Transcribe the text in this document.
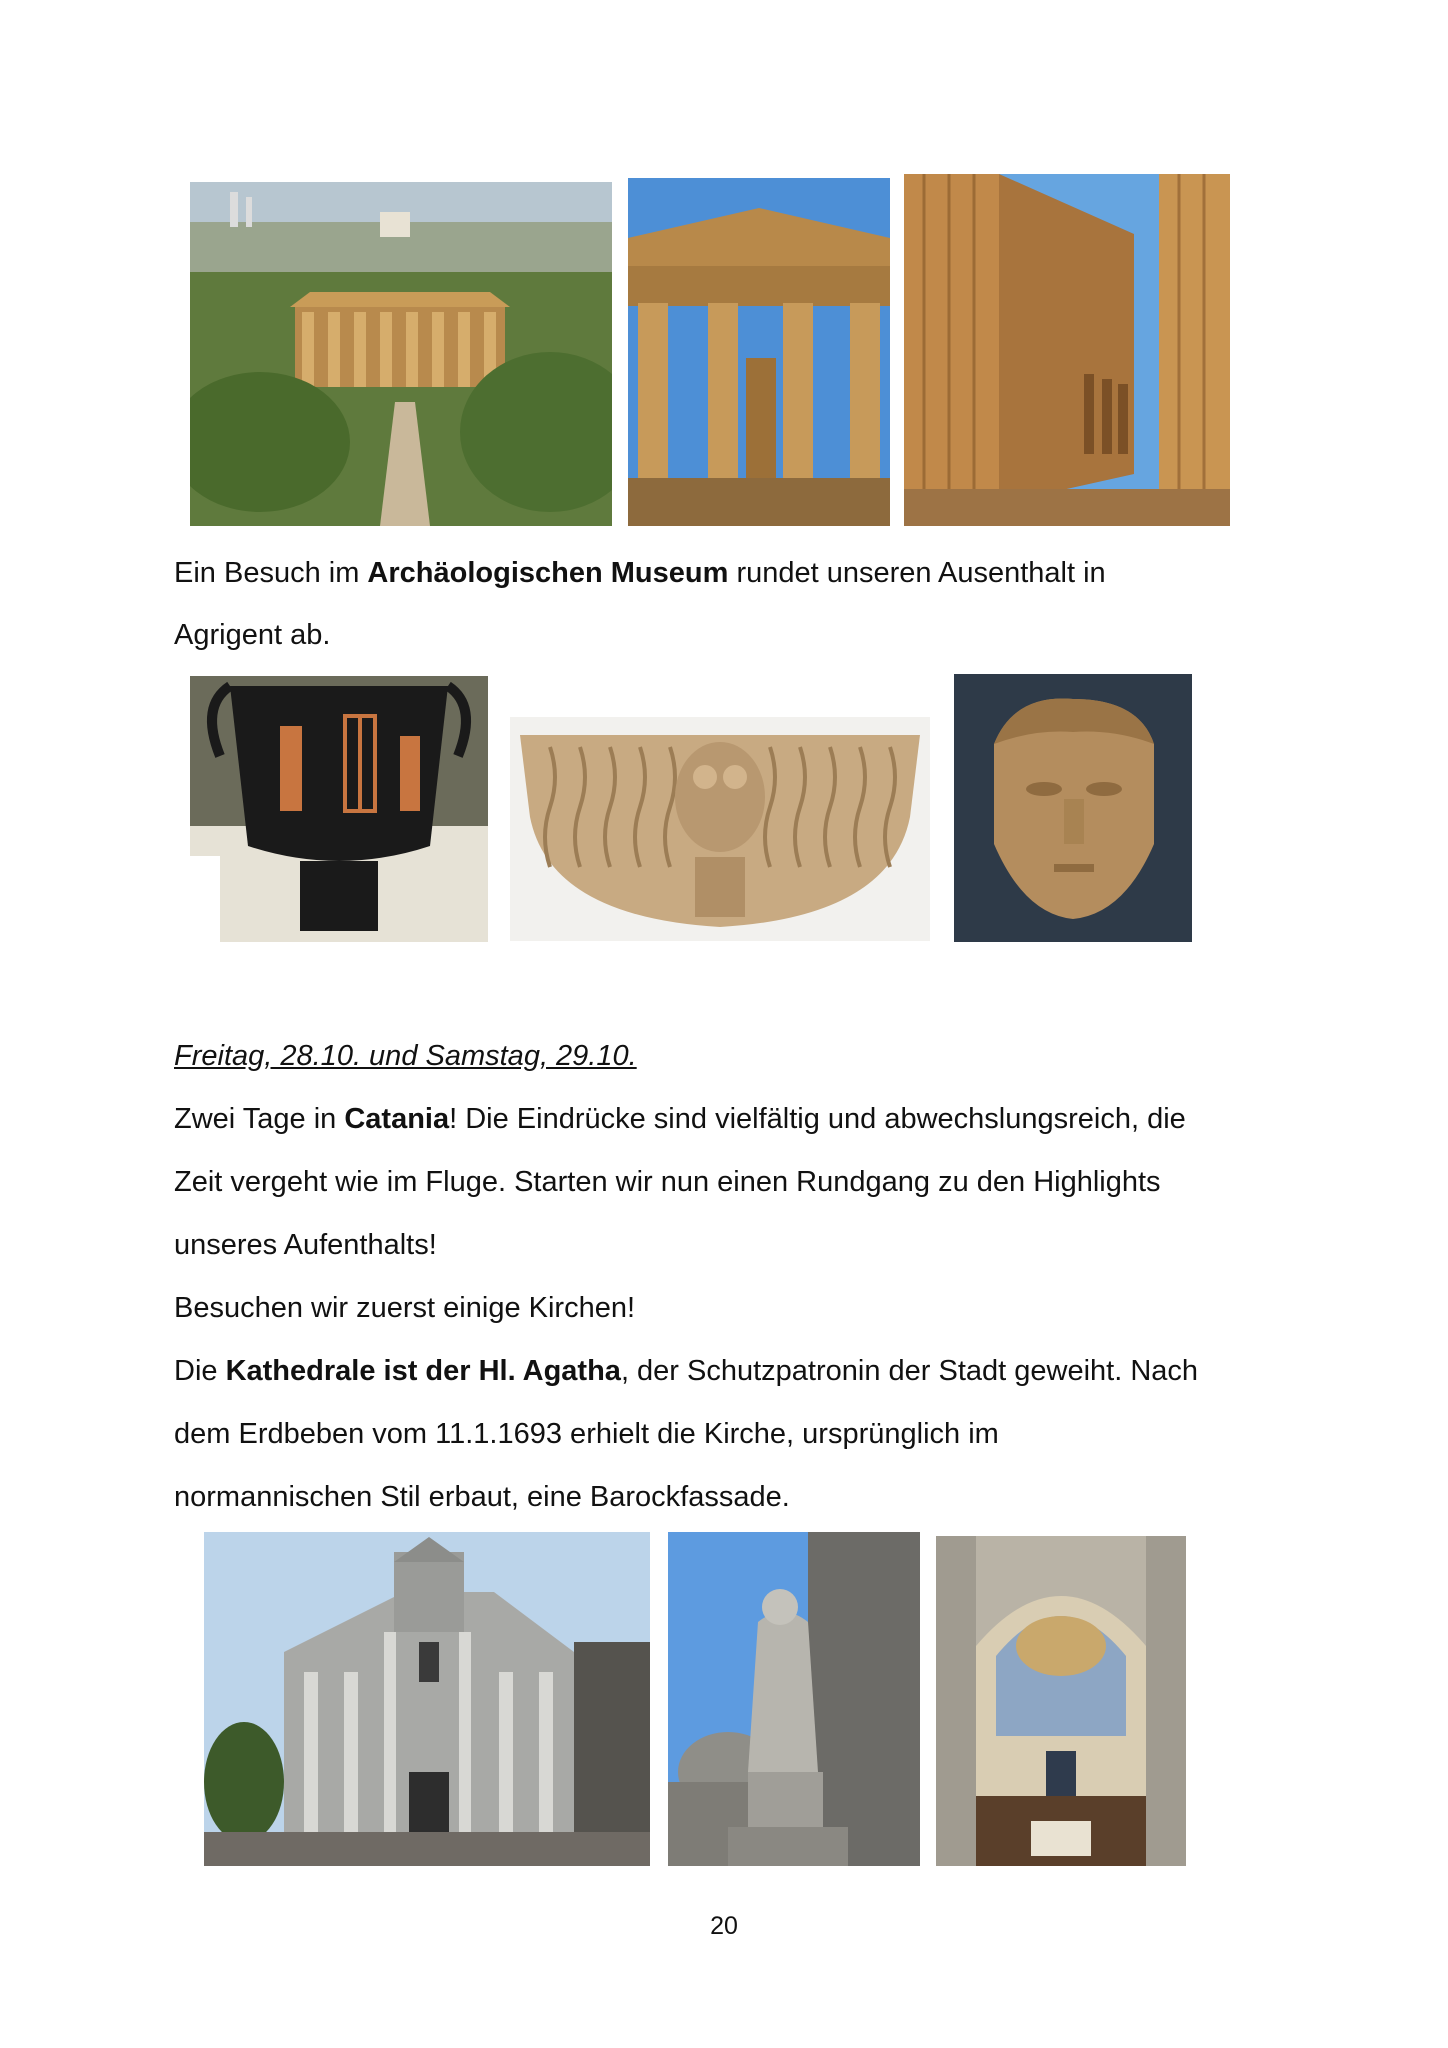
Ein Besuch im Archäologischen Museum rundet unseren Ausenthalt in
Agrigent ab.
Freitag, 28.10. und Samstag, 29.10.
Zwei Tage in Catania! Die Eindrücke sind vielfältig und abwechslungsreich, die
Zeit vergeht wie im Fluge. Starten wir nun einen Rundgang zu den Highlights
unseres Aufenthalts!
Besuchen wir zuerst einige Kirchen!
Die Kathedrale ist der Hl. Agatha, der Schutzpatronin der Stadt geweiht. Nach
dem Erdbeben vom 11.1.1693 erhielt die Kirche, ursprünglich im
normannischen Stil erbaut, eine Barockfassade.
20
